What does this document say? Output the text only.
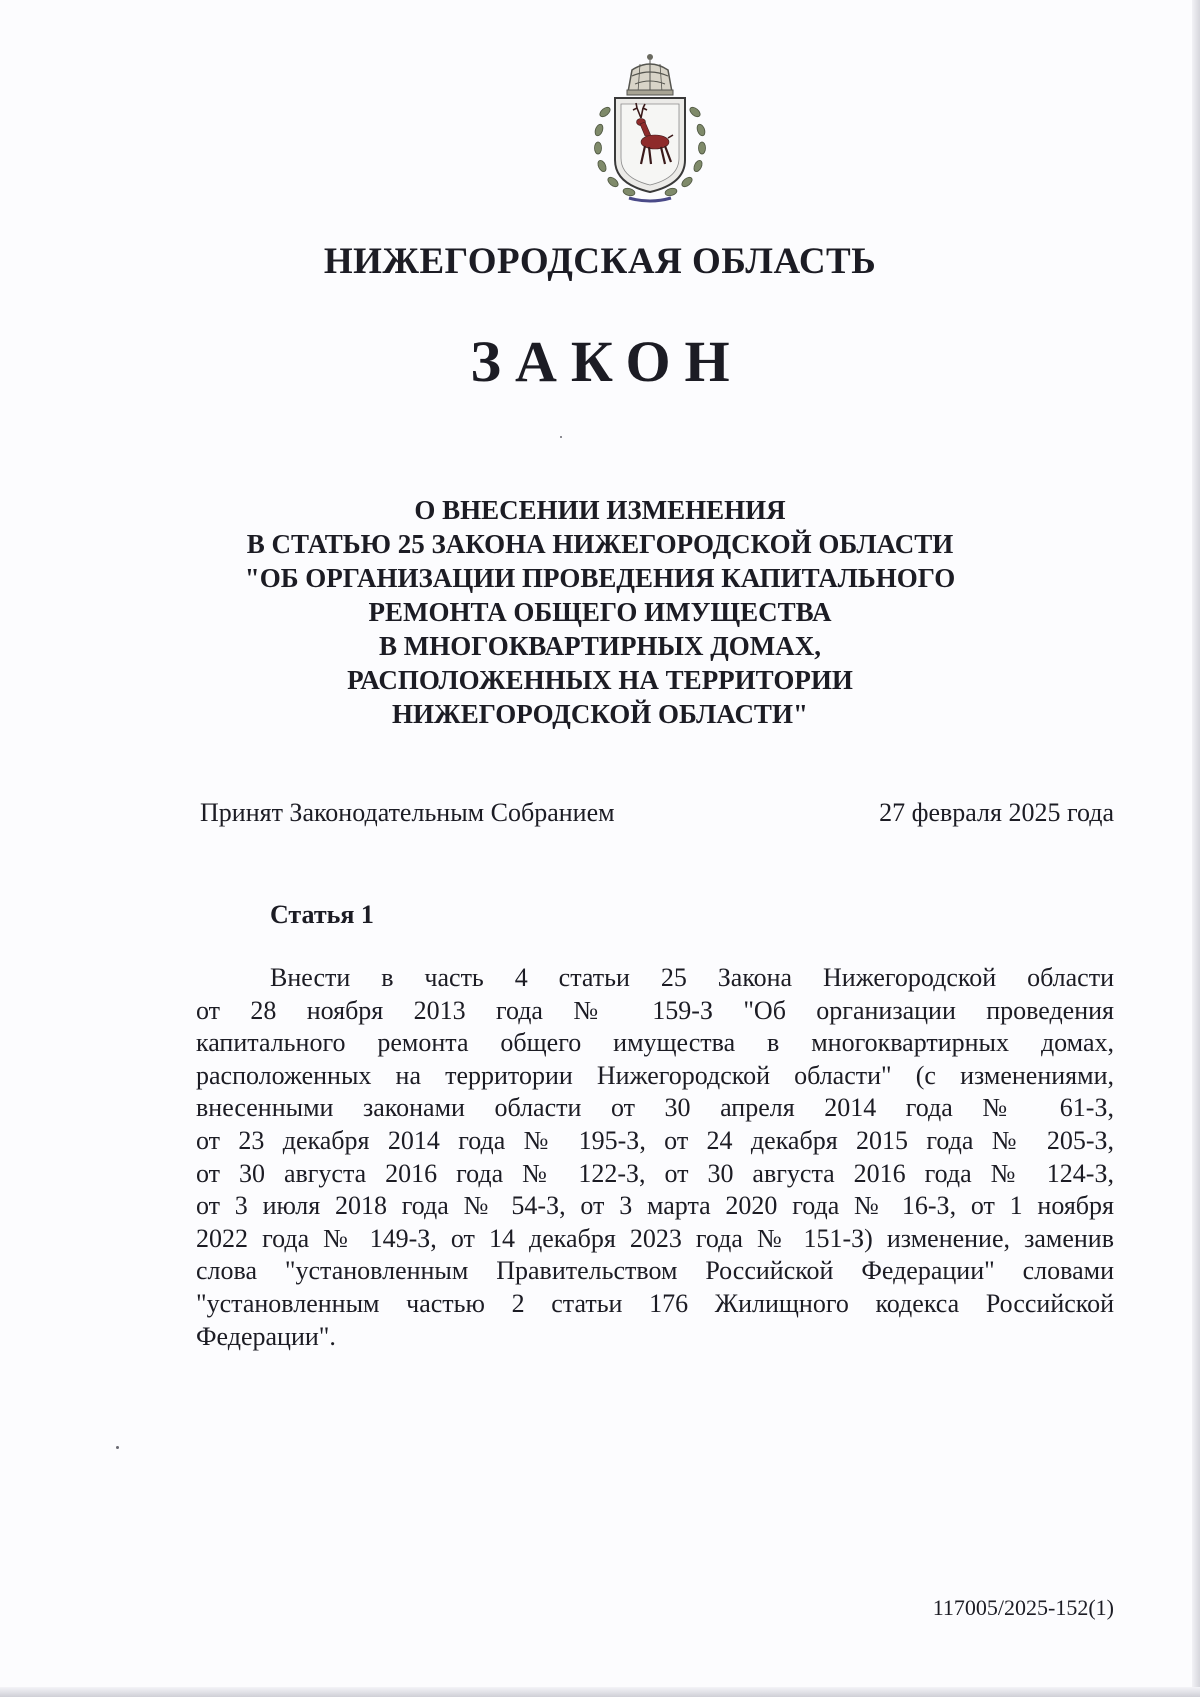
НИЖЕГОРОДСКАЯ ОБЛАСТЬ
ЗАКОН
О ВНЕСЕНИИ ИЗМЕНЕНИЯ
В СТАТЬЮ 25 ЗАКОНА НИЖЕГОРОДСКОЙ ОБЛАСТИ
"ОБ ОРГАНИЗАЦИИ ПРОВЕДЕНИЯ КАПИТАЛЬНОГО
РЕМОНТА ОБЩЕГО ИМУЩЕСТВА
В МНОГОКВАРТИРНЫХ ДОМАХ,
РАСПОЛОЖЕННЫХ НА ТЕРРИТОРИИ
НИЖЕГОРОДСКОЙ ОБЛАСТИ"
Принят Законодательным Собранием	27 февраля 2025 года
Статья 1
Внести в часть 4 статьи 25 Закона Нижегородской области
от 28 ноября 2013 года № 159-З "Об организации проведения
капитального ремонта общего имущества в многоквартирных домах,
расположенных на территории Нижегородской области" (с изменениями,
внесенными законами области от 30 апреля 2014 года № 61-З,
от 23 декабря 2014 года № 195-З, от 24 декабря 2015 года № 205-З,
от 30 августа 2016 года № 122-З, от 30 августа 2016 года № 124-З,
от 3 июля 2018 года № 54-З, от 3 марта 2020 года № 16-З, от 1 ноября
2022 года № 149-З, от 14 декабря 2023 года № 151-З) изменение, заменив
слова "установленным Правительством Российской Федерации" словами
"установленным частью 2 статьи 176 Жилищного кодекса Российской
Федерации".
117005/2025-152(1)
